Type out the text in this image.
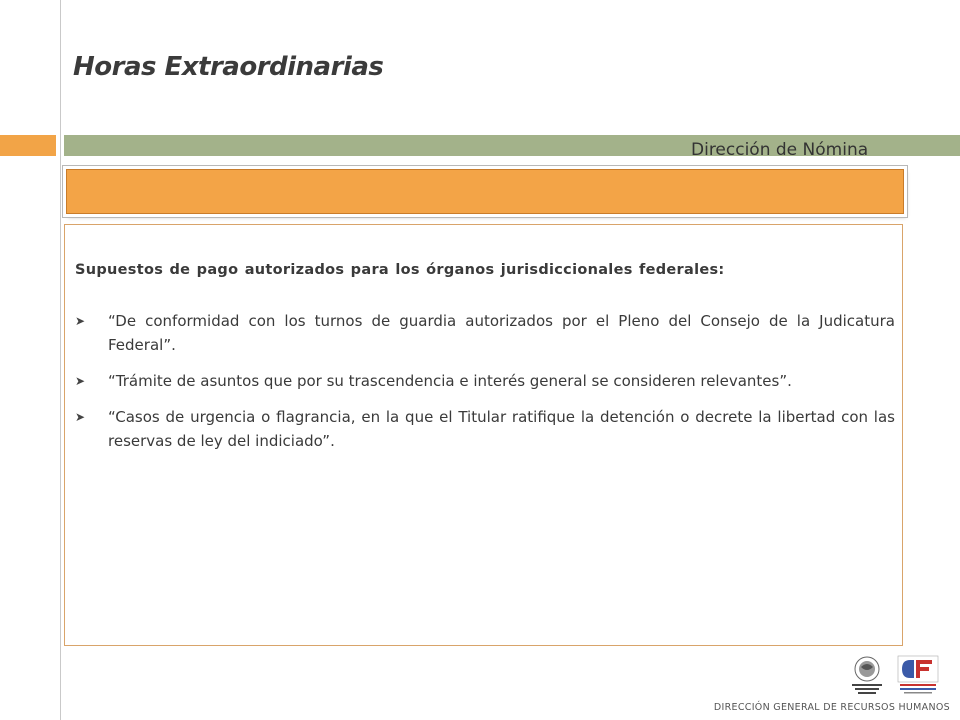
Horas Extraordinarias
Dirección de Nómina
Supuestos de pago autorizados para los órganos jurisdiccionales federales:
➤ “De conformidad con los turnos de guardia autorizados por el Pleno del Consejo de la Judicatura Federal”.
➤ “Trámite de asuntos que por su trascendencia e interés general se consideren relevantes”.
➤ “Casos de urgencia o flagrancia, en la que el Titular ratifique la detención o decrete la libertad con las reservas de ley del indiciado”.
DIRECCIÓN GENERAL DE RECURSOS HUMANOS
